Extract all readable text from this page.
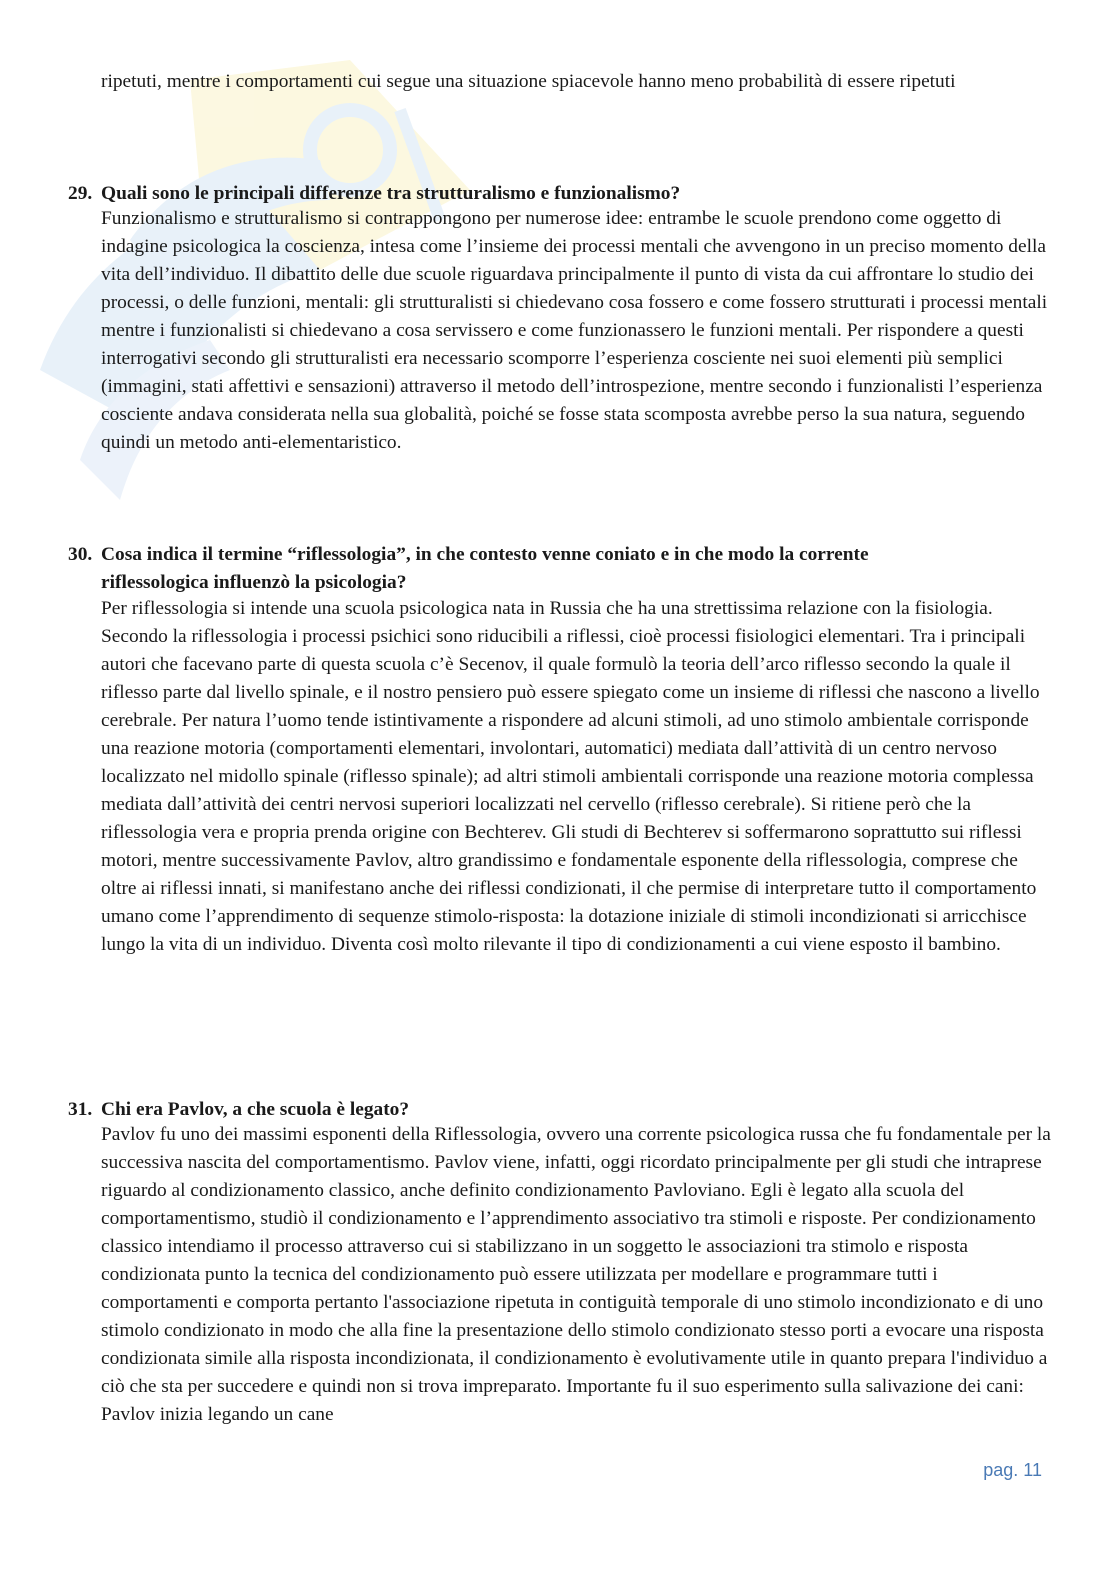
ripetuti, mentre i comportamenti cui segue una situazione spiacevole hanno meno probabilità di essere ripetuti

29. Quali sono le principali differenze tra strutturalismo e funzionalismo?

Funzionalismo e strutturalismo si contrappongono per numerose idee: entrambe le scuole prendono come oggetto di indagine psicologica la coscienza, intesa come l’insieme dei processi mentali che avvengono in un preciso momento della vita dell’individuo. Il dibattito delle due scuole riguardava principalmente il punto di vista da cui affrontare lo studio dei processi, o delle funzioni, mentali: gli strutturalisti si chiedevano cosa fossero e come fossero strutturati i processi mentali mentre i funzionalisti si chiedevano a cosa servissero e come funzionassero le funzioni mentali. Per rispondere a questi interrogativi secondo gli strutturalisti era necessario scomporre l’esperienza cosciente nei suoi elementi più semplici (immagini, stati affettivi e sensazioni) attraverso il metodo dell’introspezione, mentre secondo i funzionalisti l’esperienza cosciente andava considerata nella sua globalità, poiché se fosse stata scomposta avrebbe perso la sua natura, seguendo quindi un metodo anti-elementaristico.

30. Cosa indica il termine “riflessologia”, in che contesto venne coniato e in che modo la corrente
riflessologica influenzò la psicologia?

Per riflessologia si intende una scuola psicologica nata in Russia che ha una strettissima relazione con la fisiologia. Secondo la riflessologia i processi psichici sono riducibili a riflessi, cioè processi fisiologici elementari. Tra i principali autori che facevano parte di questa scuola c’è Secenov, il quale formulò la teoria dell’arco riflesso secondo la quale il riflesso parte dal livello spinale, e il nostro pensiero può essere spiegato come un insieme di riflessi che nascono a livello cerebrale. Per natura l’uomo tende istintivamente a rispondere ad alcuni stimoli, ad uno stimolo ambientale corrisponde una reazione motoria (comportamenti elementari, involontari, automatici) mediata dall’attività di un centro nervoso localizzato nel midollo spinale (riflesso spinale); ad altri stimoli ambientali corrisponde una reazione motoria complessa mediata dall’attività dei centri nervosi superiori localizzati nel cervello (riflesso cerebrale). Si ritiene però che la riflessologia vera e propria prenda origine con Bechterev. Gli studi di Bechterev si soffermarono soprattutto sui riflessi motori, mentre successivamente Pavlov, altro grandissimo e fondamentale esponente della riflessologia, comprese che oltre ai riflessi innati, si manifestano anche dei riflessi condizionati, il che permise di interpretare tutto il comportamento umano come l’apprendimento di sequenze stimolo-risposta: la dotazione iniziale di stimoli incondizionati si arricchisce lungo la vita di un individuo. Diventa così molto rilevante il tipo di condizionamenti a cui viene esposto il bambino.

31. Chi era Pavlov, a che scuola è legato?

Pavlov fu uno dei massimi esponenti della Riflessologia, ovvero una corrente psicologica russa che fu fondamentale per la successiva nascita del comportamentismo. Pavlov viene, infatti, oggi ricordato principalmente per gli studi che intraprese riguardo al condizionamento classico, anche definito condizionamento Pavloviano. Egli è legato alla scuola del comportamentismo, studiò il condizionamento e l’apprendimento associativo tra stimoli e risposte. Per condizionamento classico intendiamo il processo attraverso cui si stabilizzano in un soggetto le associazioni tra stimolo e risposta condizionata punto la tecnica del condizionamento può essere utilizzata per modellare e programmare tutti i comportamenti e comporta pertanto l'associazione ripetuta in contiguità temporale di uno stimolo incondizionato e di uno stimolo condizionato in modo che alla fine la presentazione dello stimolo condizionato stesso porti a evocare una risposta condizionata simile alla risposta incondizionata, il condizionamento è evolutivamente utile in quanto prepara l'individuo a ciò che sta per succedere e quindi non si trova impreparato. Importante fu il suo esperimento sulla salivazione dei cani: Pavlov inizia legando un cane

pag. 11
